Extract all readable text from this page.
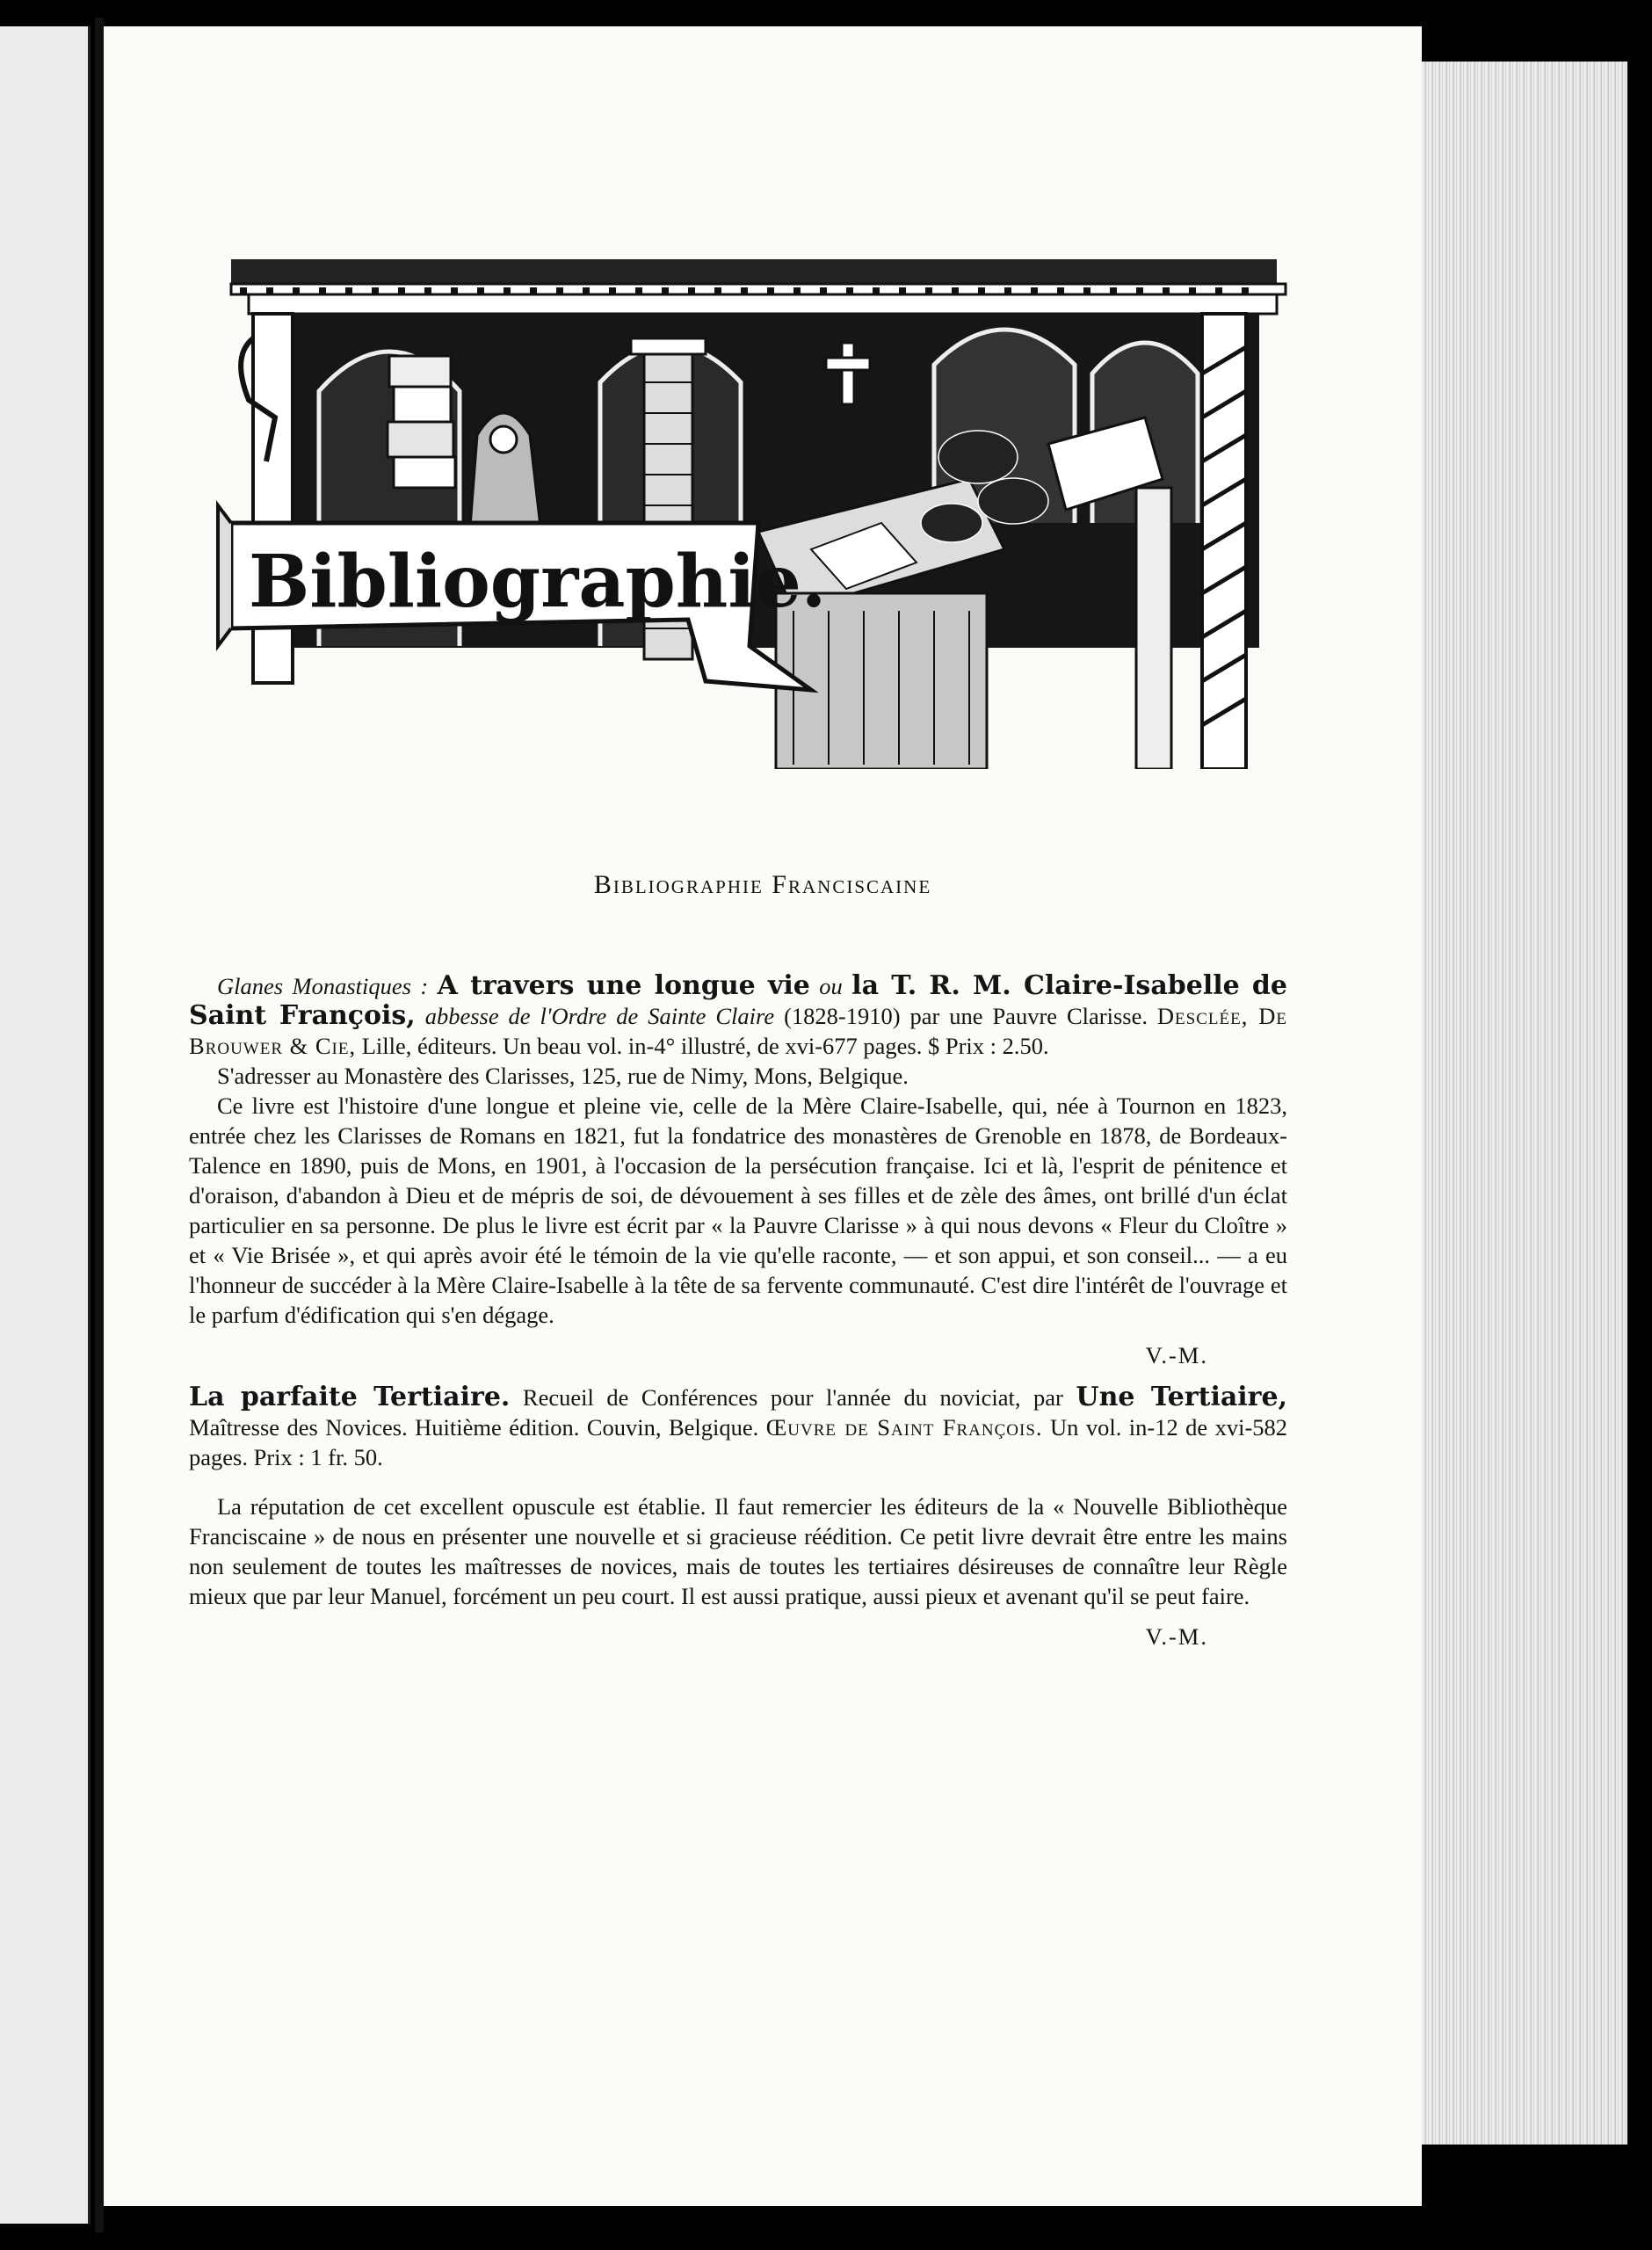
Bibliographie.
Bibliographie Franciscaine

Glanes Monastiques : A travers une longue vie ou la T. R. M. Claire-Isabelle de Saint François, abbesse de l'Ordre de Sainte Claire (1828-1910) par une Pauvre Clarisse. Desclée, De Brouwer & Cie, Lille, éditeurs. Un beau vol. in-4° illustré, de xvi-677 pages. $ Prix : 2.50.

S'adresser au Monastère des Clarisses, 125, rue de Nimy, Mons, Belgique.

Ce livre est l'histoire d'une longue et pleine vie, celle de la Mère Claire-Isabelle, qui, née à Tournon en 1823, entrée chez les Clarisses de Romans en 1821, fut la fondatrice des monastères de Grenoble en 1878, de Bordeaux-Talence en 1890, puis de Mons, en 1901, à l'occasion de la persécution française. Ici et là, l'esprit de pénitence et d'oraison, d'abandon à Dieu et de mépris de soi, de dévouement à ses filles et de zèle des âmes, ont brillé d'un éclat particulier en sa personne. De plus le livre est écrit par « la Pauvre Clarisse » à qui nous devons « Fleur du Cloître » et « Vie Brisée », et qui après avoir été le témoin de la vie qu'elle raconte, — et son appui, et son conseil... — a eu l'honneur de succéder à la Mère Claire-Isabelle à la tête de sa fervente communauté. C'est dire l'intérêt de l'ouvrage et le parfum d'édification qui s'en dégage.

V.-M.

La parfaite Tertiaire. Recueil de Conférences pour l'année du noviciat, par Une Tertiaire, Maîtresse des Novices. Huitième édition. Couvin, Belgique. Œuvre de Saint François. Un vol. in-12 de xvi-582 pages. Prix : 1 fr. 50.

La réputation de cet excellent opuscule est établie. Il faut remercier les éditeurs de la « Nouvelle Bibliothèque Franciscaine » de nous en présenter une nouvelle et si gracieuse réédition. Ce petit livre devrait être entre les mains non seulement de toutes les maîtresses de novices, mais de toutes les tertiaires désireuses de connaître leur Règle mieux que par leur Manuel, forcément un peu court. Il est aussi pratique, aussi pieux et avenant qu'il se peut faire.

V.-M.
